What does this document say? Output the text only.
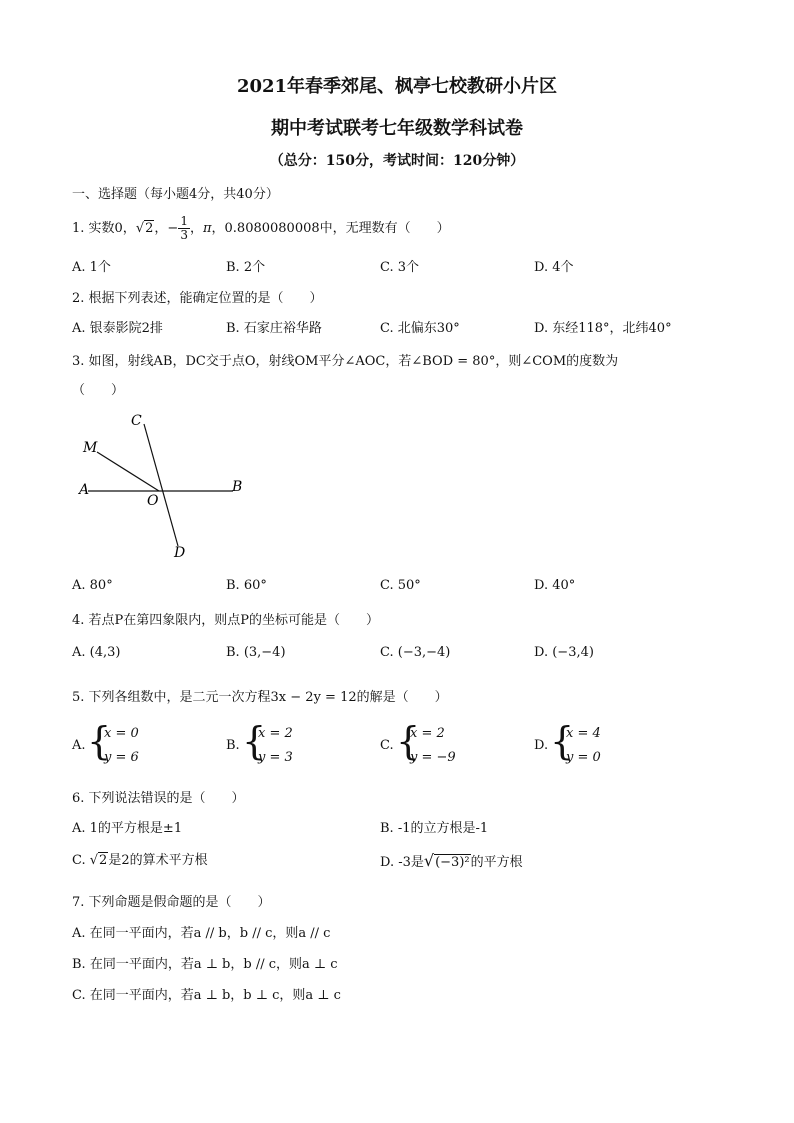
2021年春季郊尾、枫亭七校教研小片区
期中考试联考七年级数学科试卷
（总分：150分，考试时间：120分钟）
一、选择题（每小题4分，共40分）
1. 实数0，√2，− $\frac{1}{3}$ ，π，0.8080080008中，无理数有（　　）
A. 1个	B. 2个	C. 3个	D. 4个
2. 根据下列表述，能确定位置的是（　　）
A. 银泰影院2排	B. 石家庄裕华路	C. 北偏东30°	D. 东经118°，北纬40°
3. 如图，射线AB，DC交于点O，射线OM平分∠AOC，若∠BOD = 80°，则∠COM的度数为
（　　）
C
M
A
O
B
D
A. 80°	B. 60°	C. 50°	D. 40°
4. 若点P在第四象限内，则点P的坐标可能是（　　）
A. (4,3)	B. (3,−4)	C. (−3,−4)	D. (−3,4)
5. 下列各组数中，是二元一次方程3x − 2y = 12的解是（　　）
A. {
x = 0
y = 6
B. {
x = 2
y = 3
C. {
x = 2
y = −9
D. {
x = 4
y = 0
6. 下列说法错误的是（　　）
A. 1的平方根是±1	B. -1的立方根是-1
C. √2是2的算术平方根	D. -3是√(−3)²的平方根
7. 下列命题是假命题的是（　　）
A. 在同一平面内，若a // b，b // c，则a // c
B. 在同一平面内，若a ⊥ b，b // c，则a ⊥ c
C. 在同一平面内，若a ⊥ b，b ⊥ c，则a ⊥ c
